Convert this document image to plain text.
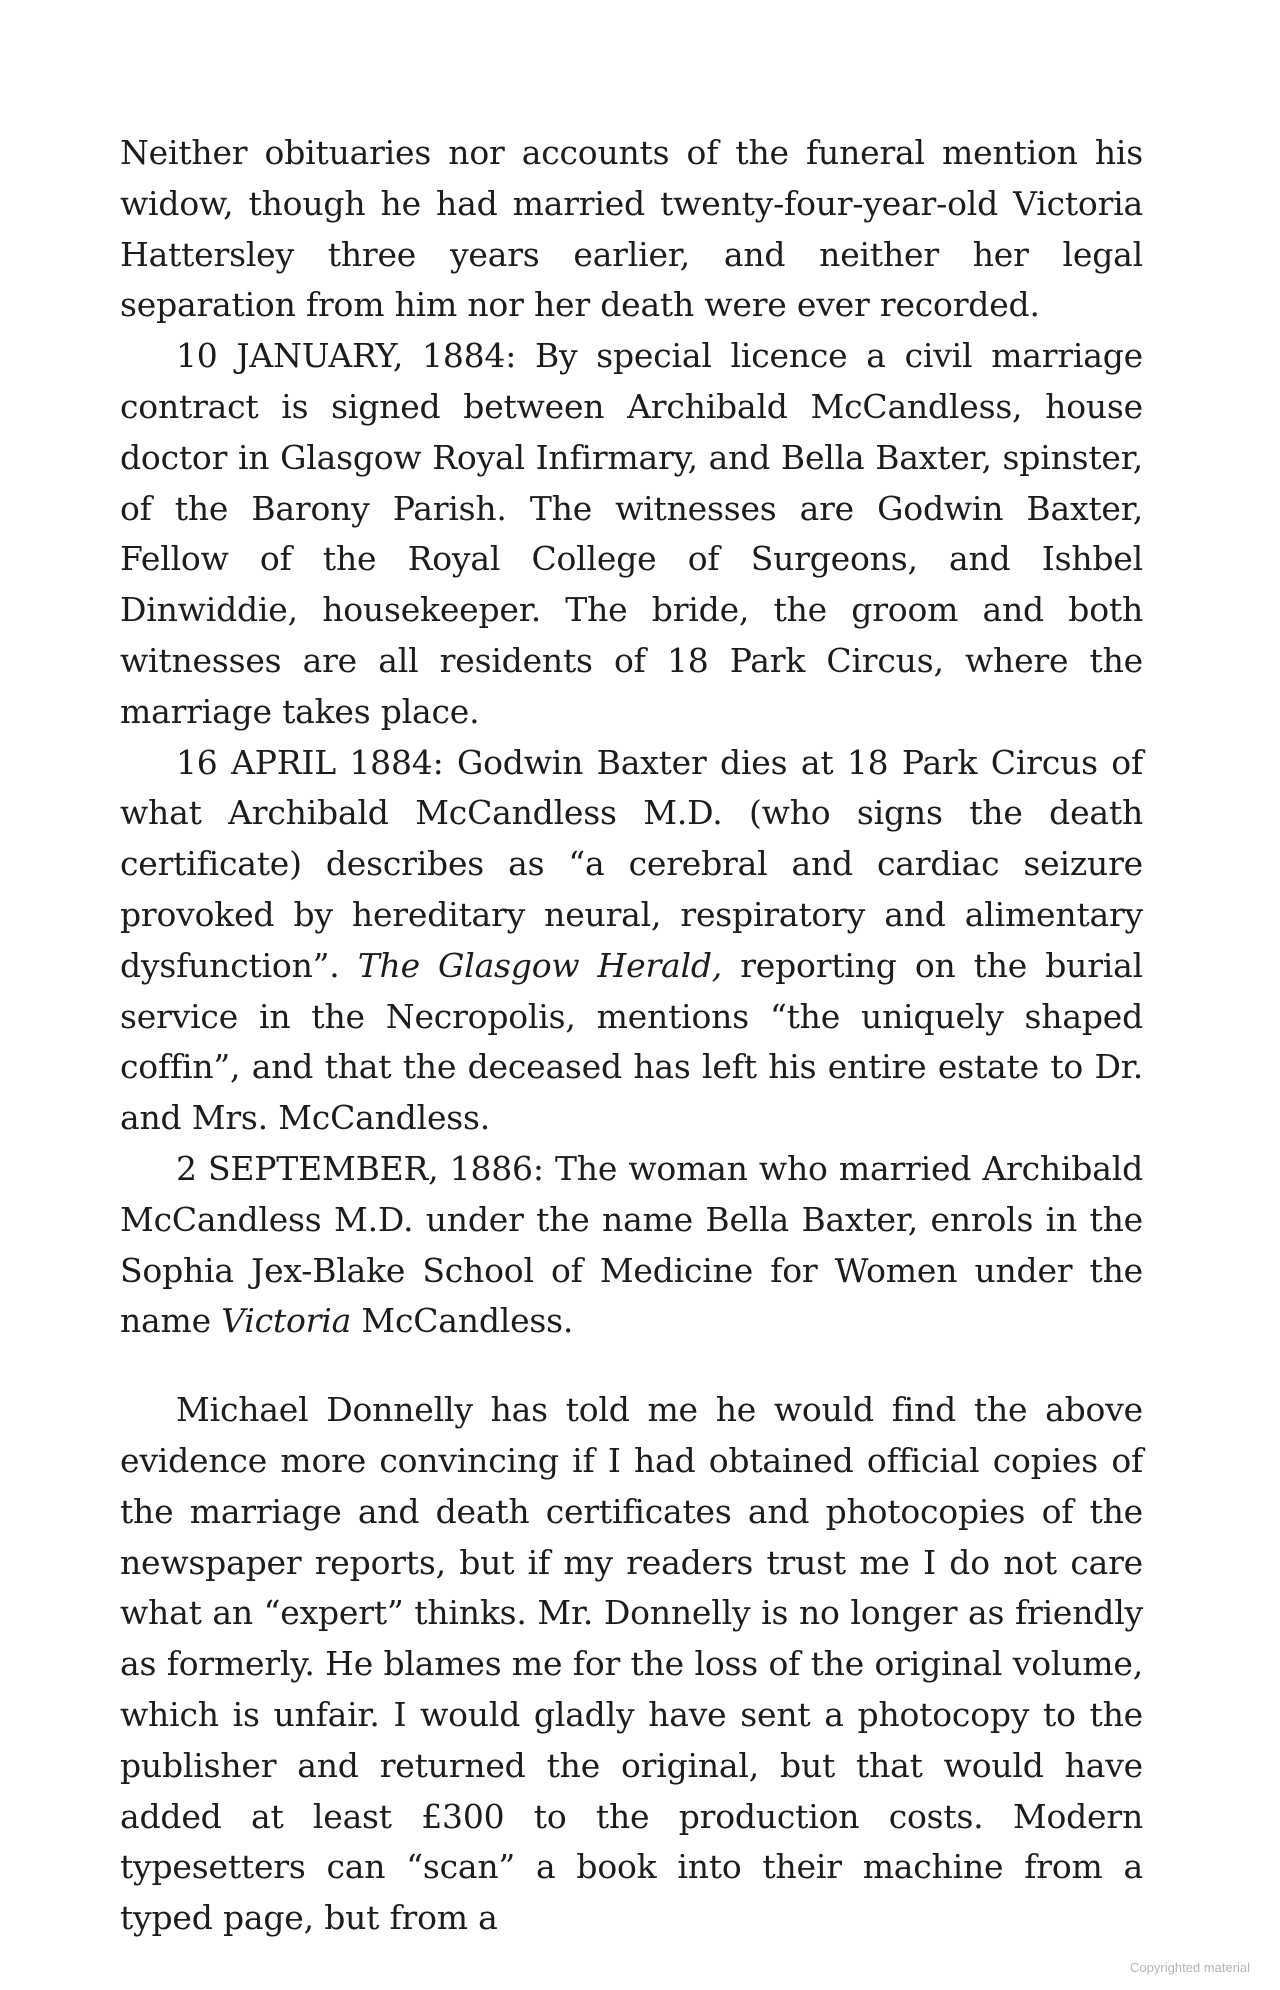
Neither obituaries nor accounts of the funeral mention his widow, though he had married twenty-four-year-old Victoria Hattersley three years earlier, and neither her legal separation from him nor her death were ever recorded.

10 JANUARY, 1884: By special licence a civil marriage contract is signed between Archibald McCandless, house doctor in Glasgow Royal Infirmary, and Bella Baxter, spinster, of the Barony Parish. The witnesses are Godwin Baxter, Fellow of the Royal College of Surgeons, and Ishbel Dinwiddie, housekeeper. The bride, the groom and both witnesses are all residents of 18 Park Circus, where the marriage takes place.

16 APRIL 1884: Godwin Baxter dies at 18 Park Circus of what Archibald McCandless M.D. (who signs the death certificate) describes as “a cerebral and cardiac seizure provoked by hereditary neural, respiratory and alimentary dysfunction”. The Glasgow Herald, reporting on the burial service in the Necropolis, mentions “the uniquely shaped coffin”, and that the deceased has left his entire estate to Dr. and Mrs. McCandless.

2 SEPTEMBER, 1886: The woman who married Archibald McCandless M.D. under the name Bella Baxter, enrols in the Sophia Jex-Blake School of Medicine for Women under the name Victoria McCandless.

Michael Donnelly has told me he would find the above evidence more convincing if I had obtained official copies of the marriage and death certificates and photocopies of the newspaper reports, but if my readers trust me I do not care what an “expert” thinks. Mr. Donnelly is no longer as friendly as formerly. He blames me for the loss of the original volume, which is unfair. I would gladly have sent a photocopy to the publisher and returned the original, but that would have added at least £300 to the production costs. Modern typesetters can “scan” a book into their machine from a typed page, but from a

Copyrighted material
